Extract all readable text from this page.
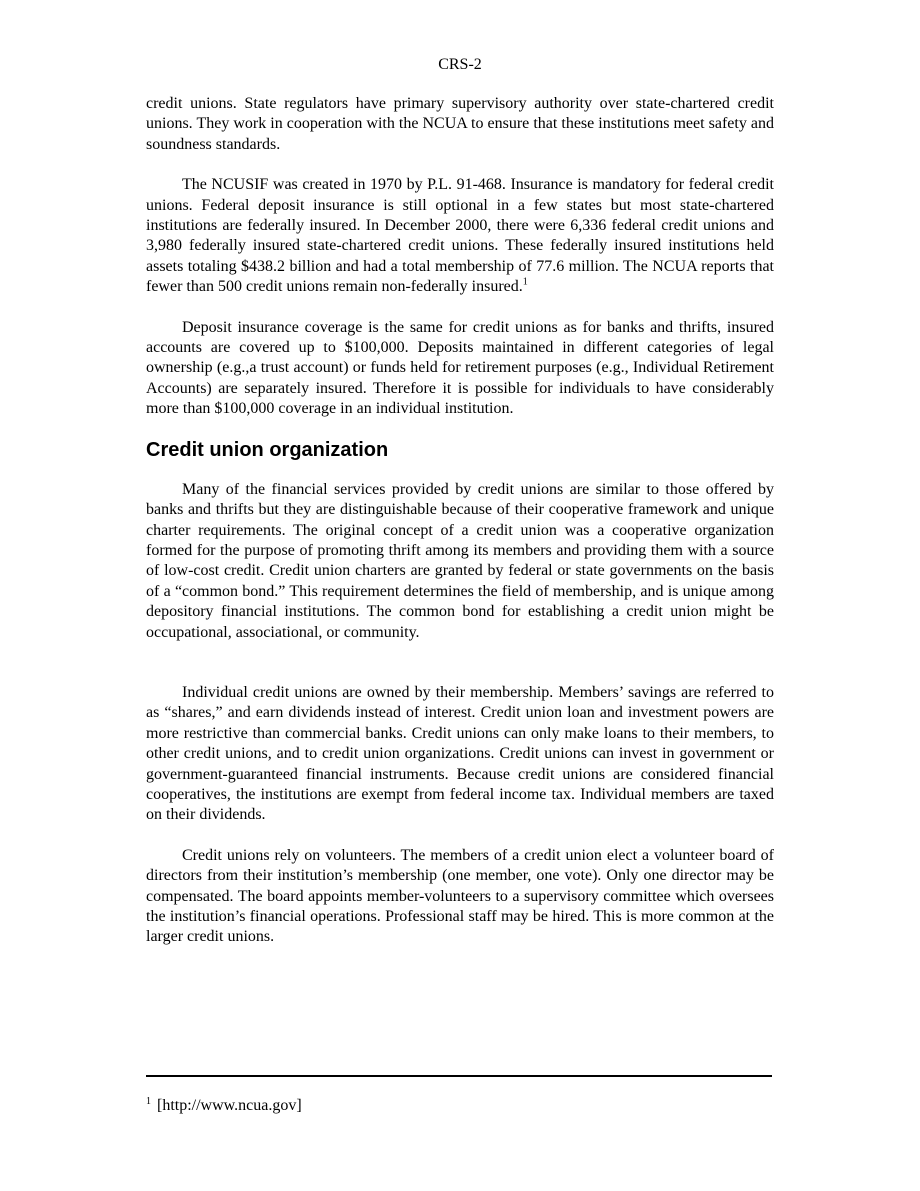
CRS-2

credit unions. State regulators have primary supervisory authority over state-chartered credit unions. They work in cooperation with the NCUA to ensure that these institutions meet safety and soundness standards.

The NCUSIF was created in 1970 by P.L. 91-468. Insurance is mandatory for federal credit unions. Federal deposit insurance is still optional in a few states but most state-chartered institutions are federally insured. In December 2000, there were 6,336 federal credit unions and 3,980 federally insured state-chartered credit unions. These federally insured institutions held assets totaling $438.2 billion and had a total membership of 77.6 million. The NCUA reports that fewer than 500 credit unions remain non-federally insured.$^1$

Deposit insurance coverage is the same for credit unions as for banks and thrifts, insured accounts are covered up to $100,000. Deposits maintained in different categories of legal ownership (e.g.,a trust account) or funds held for retirement purposes (e.g., Individual Retirement Accounts) are separately insured. Therefore it is possible for individuals to have considerably more than $100,000 coverage in an individual institution.

Credit union organization

Many of the financial services provided by credit unions are similar to those offered by banks and thrifts but they are distinguishable because of their cooperative framework and unique charter requirements. The original concept of a credit union was a cooperative organization formed for the purpose of promoting thrift among its members and providing them with a source of low-cost credit. Credit union charters are granted by federal or state governments on the basis of a “common bond.” This requirement determines the field of membership, and is unique among depository financial institutions. The common bond for establishing a credit union might be occupational, associational, or community.

Individual credit unions are owned by their membership. Members’ savings are referred to as “shares,” and earn dividends instead of interest. Credit union loan and investment powers are more restrictive than commercial banks. Credit unions can only make loans to their members, to other credit unions, and to credit union organizations. Credit unions can invest in government or government-guaranteed financial instruments. Because credit unions are considered financial cooperatives, the institutions are exempt from federal income tax. Individual members are taxed on their dividends.

Credit unions rely on volunteers. The members of a credit union elect a volunteer board of directors from their institution’s membership (one member, one vote). Only one director may be compensated. The board appoints member-volunteers to a supervisory committee which oversees the institution’s financial operations. Professional staff may be hired. This is more common at the larger credit unions.

$^1$ [http://www.ncua.gov]
